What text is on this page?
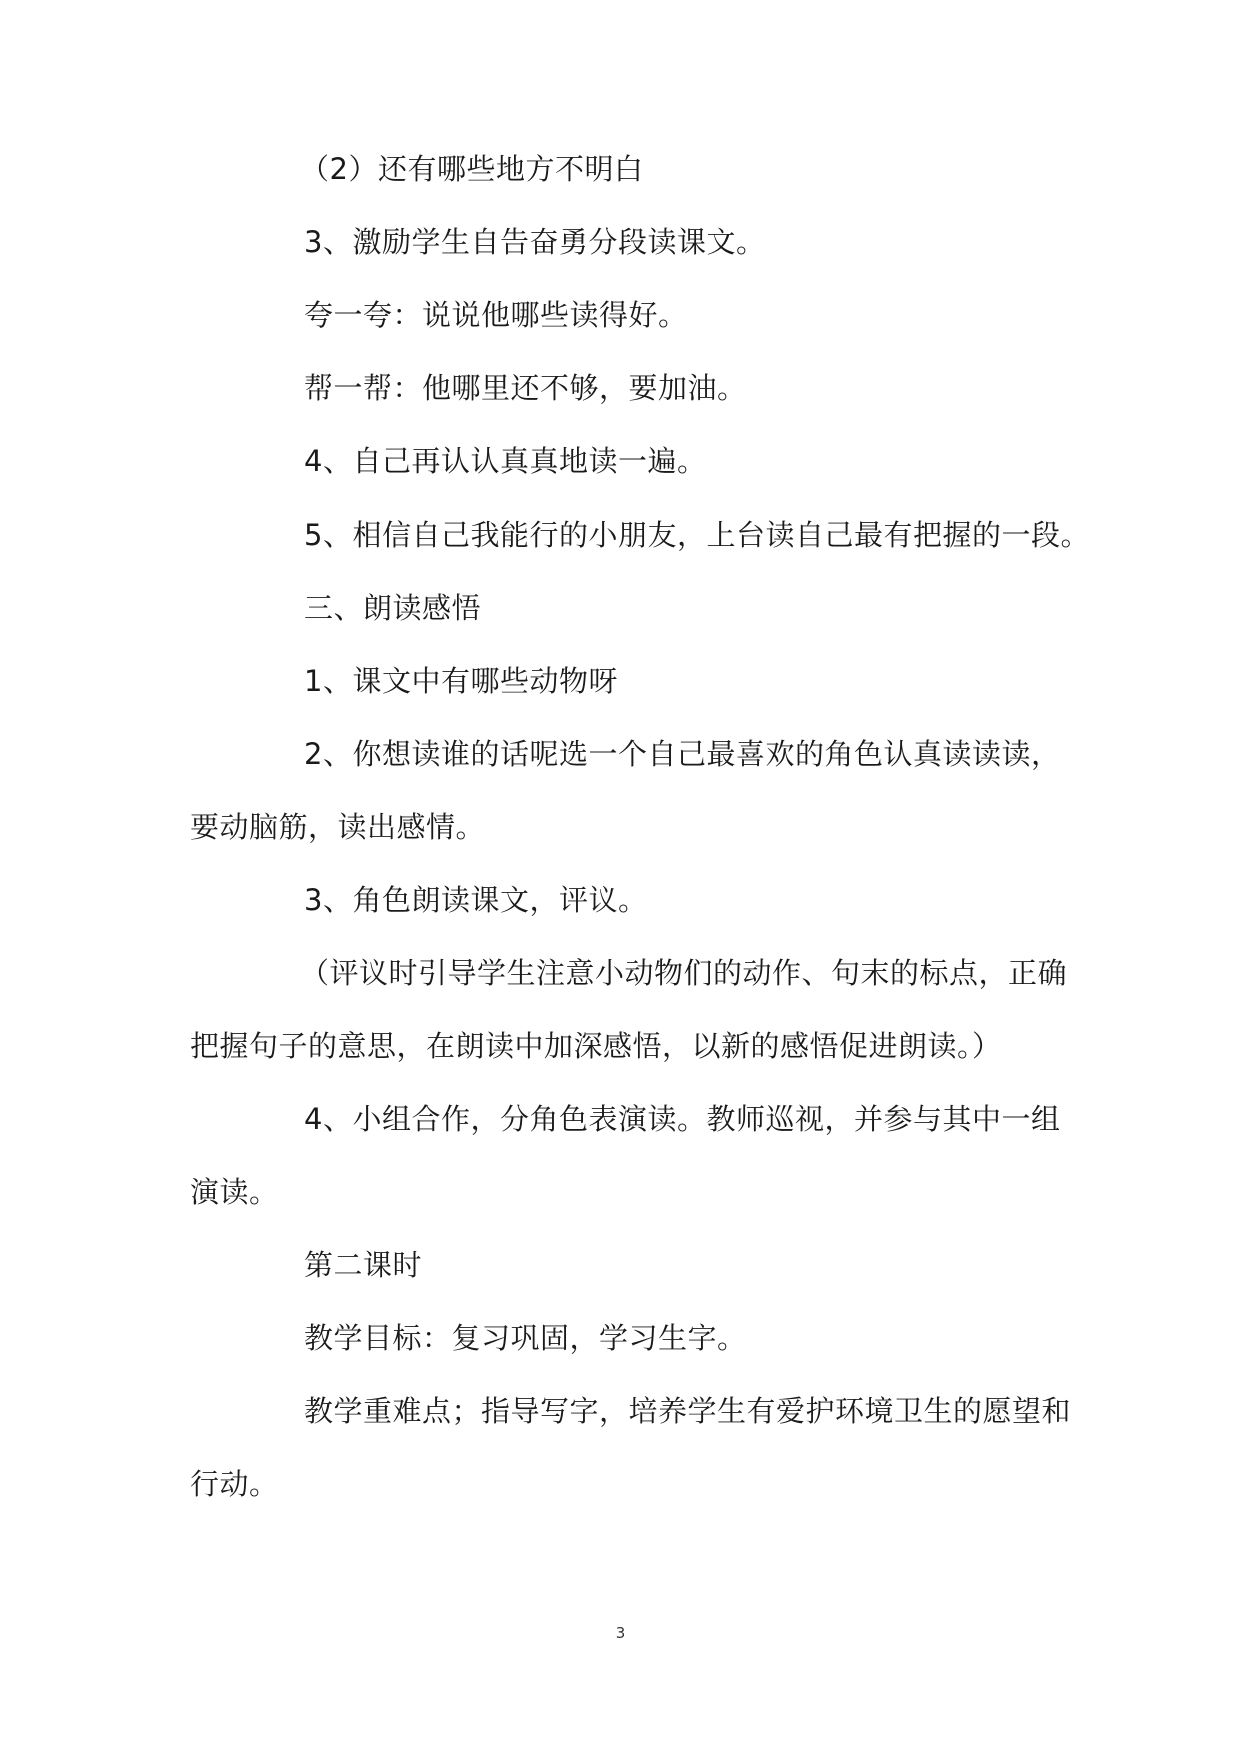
（2）还有哪些地方不明白
3、激励学生自告奋勇分段读课文。
夸一夸：说说他哪些读得好。
帮一帮：他哪里还不够，要加油。
4、自己再认认真真地读一遍。
5、相信自己我能行的小朋友，上台读自己最有把握的一段。
三、朗读感悟
1、课文中有哪些动物呀
2、你想读谁的话呢选一个自己最喜欢的角色认真读读读，
要动脑筋，读出感情。
3、角色朗读课文，评议。
（评议时引导学生注意小动物们的动作、句末的标点，正确
把握句子的意思，在朗读中加深感悟，以新的感悟促进朗读。）
4、小组合作，分角色表演读。教师巡视，并参与其中一组
演读。
第二课时
教学目标：复习巩固，学习生字。
教学重难点；指导写字，培养学生有爱护环境卫生的愿望和
行动。
3
